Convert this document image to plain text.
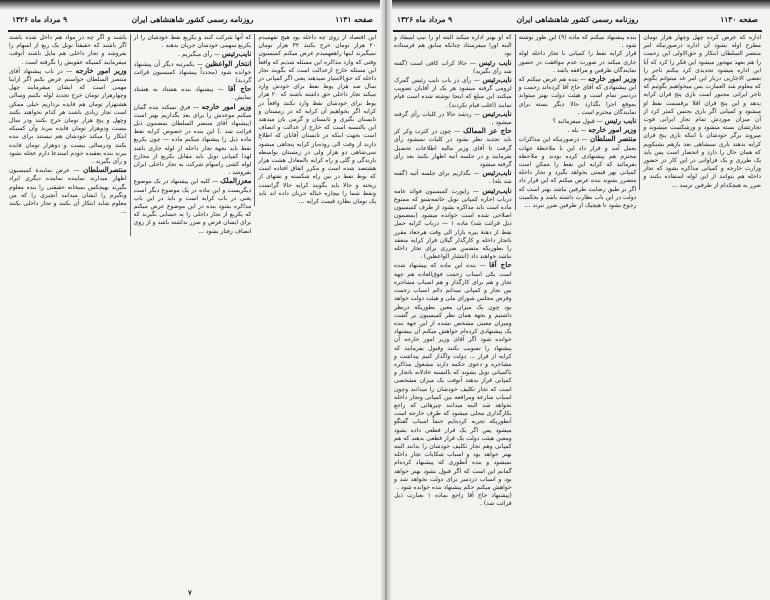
صفحه ۱۱۳۱
روزنامه رسمی کشور شاهنشاهی ایران
۹ مرداد ماه ۱۳۲۶

این اقتصاد از روی چه داخله بود هیچ نفهمیدم ۲۰ هزار تومان خرج بکنند ۳۲ هزار تومان نمیگیرند اینها راهفهمیدم عرض میکنم کمیسیون وقتی که وارد مذاکره این مسئله شدیم که واقعاً این مسئله خارج ازعدالت است که بگویند تجار داخله که حق‌الامتیاز نمیدهند یعنی اگر کمپانی در سال صد هزار پوط نفط برای خودش وارد میکند تجار داخلی حق داشته باشند که ۲۰ هزار پوط برای خودشان نفط وارد بکنند واقعاً در کرایه اگر بخواهیم آن کرایه که در زمستان و تابستان بگیری و تابستان و گرمی بان میدهند این بالنسبه است که خارج از عدالت و انصاف است بجهت اینکه در تابستان آقایان که اطلاع دارند از وقت الی روده‌بار کرایه پنجاهی میشود سی‌شاهی دو هزار ولی در زمستان بواسطه بارندگی و گلی و راه کرایه بالمعادل هشت هزار هشتصد شده است و مکرر اتفاق افتاده است که پوط نفط در بین راه شکسته و نفتهای از ریخته و حالا باید بگویند کرایه حالا گرانست ونفط شما را بیچاره خیاله جریان داده اند باید یک تومان بطارد قیمت کرایه ...

که آنها شرکت کنند و یکربع نفط خودشان را از یکربع سهمی خودشان جریان بدهند .

نایب‌رئیس — رأی میگیریم .

انتخار الواعظین — یکمرتبه دیگر آن پیشنهاد خوانده شود (مجدداً پیشنهاد کمیسیون قرائت گردید)

حاج آقا — پیشنهاد بنده هشتاد به هشتاد نمایش .

وزیر امور خارجه — فرق نمیکند بنده گمان میکنم موعدش را برای بعد بگذاریم بهتر است (پیشنهاد آقای منتصر السلطان بمضمون ذیل قرائت شد .) این بنده در خصوص کرایه نفط ماده ذیل را پیشنهاد میکنم ماده — چون یکربع نفط باید بجهة تجار داخله از لوله جاری باشد لهذا کمپانی نوبل باید مقابل یکربع از مخارج لوله کشی راسهام شرکت به تجار داخلی ایران بفروشد .

معززالملک — کلیه این پیشنهاد در یک موضوع دیگریست و این ماده در یک موضوع دیگر است یعنی در باب کرایه است و باید در این باب مذاکره بشود بنده در این موضوع عرض میکنم که یکربع از تجار داخلی را به حسابی بگیرند که برای ایشان فرض و ضرر نداشته باشد و از روی انصاف رفتار بشود ...

باشند و اگر چه در مواد هم داخل شده باشند اگر باشند که حقیقتاً نوبل یک ربع از اسهام را بفروشد و تجار داخلی هم مایل باشند آنوقت میفرمایند کسیکه عقوبش را نگرفته است .

وزیر امور خارجه — در باب پیشنهاد آقای منتصر السلطان خواستم عرض بکنم اگر ازاینا مهمی است که ایشان میفرمایند چهل وچهارهزار تومان خرج تجدید لوله بکنیم وسالی هشتهزار تومان هم فایده برداریم خیلی ممکن است تجار زیادی باشند هر کدام بخواهند بکنند وچهل و پنج هزار تومان خرج بکنند ودر سال بیست ودوهزار تومان فایده ببرند وآن کسیکه ابتکار را میکند خودشان هم نیستند برای بنده بکنند ودرسالی بیست و دوهزار تومان فایده ببرند بنده بعقیده خودم استدعا دارم عجله نشود و رأی بگیرند .

منتصرالسلطان — عرض نمایندهٔ کمیسیون اظهار میدارند نماینده نماینده دیگری ایراد بگیرند بهیچکس بمیخانه حقیقتی را بنده معلوم ونگیرم را ایشان میدانند آنچیزی را که من معلوم شاید ابتکار آن بکنند و تجار داخلی بکنند ...

۷
صفحه ۱۱۳۰
روزنامه رسمی کشور شاهنشاهی ایران
۹ مرداد ماه ۱۳۲۶

اداره که عرض کرده چهل وچهار هزار تومان مطرح اوله بشود آن اداره درصورتیکه امر منتصر السلطان ابتکار و حق‌الاولی این زحمت را هم بعهد مهجور میشود این فکر را کرد که آیا این اداره میشود تجدیدی کرد بیکنم تاجر را بعضی الاجاریی دربار این امر عد مبتوانم بگویم که معلوم شد العمارت بس میخواهیم بگوئیم که تاجر ایرانی مجبور است باری پنج قران کرایه بدهد و این پنج قران اقلا برقسمت نفط او میشود و کمپانی اگر باری بجنس کمتر کرد از آن میزان موردش تمام تجار ایرانی فوت تجارتشان بسته میشود و ورشکست میشوند و میروند برگر خودشان با اینکه باری پنج قران کرایه بدهند باری سیشاهی بعد بازهم بشیکوپم که همان حال را دارد و انحصار است پس باید یک طرزی و یک فراوانی در این کار در حضور وزارت خارجه و کمپانی مذاکره بشود که تجار داخله هم بتوانند از این لوله استفاده بکنند و ضرر به هیچکدام از طرفین نرسد ...

بنده پیشنهاد میکنم که ماده (۹) این طور نوشته شود .

قرار کرایه نفط را کمپانی با تجار داخله لوله جاری میکند در صورت عدم موافقت در حضور نمایندگان طرفین و مرافقه باشد .

وزیر امور خارجه — بنده هم عرض میکنم که این پیشنهادی که آقای حاج آقا کرده‌اند زحمت و دردسر تمام است و هیئت دولت بهتر میتواند بموقع اجرا بگذارد حالا دیگر بسته برای نمایندگان محترم است .

نایب رئیس — قبول میفرمائید ؟

وزیر امور خارجه — بله .

منتصر السلطان — درصورتیکه این مذاکرات بعمل آمد و قرار داد این با ملاحظهٔ جهات محترم هم پیشنهادی کرده بودند و ملاحظه بفرمائید که کرایه این نفط را ممکن است کمپانی بهر قیمتی بخواهد بگیرد و تجار داخله متضرر بشوند بنده عرض میکنم که این قرار داد اگر بر طبق رضایت طرفین نباشد بهتر است که دولت در این باب نظارت داشته باشد و بحکمیت رجوع بشود تا هیچیک از طرفین ضرر نبرند ...

که او بهتر اداره میکند البته او را تیپ لمیفاد و البته اورا میفرستاد چنانکه سابق هم فرستاده بود

نایب رئیس — حالا کرات کافی است (گفته شد رأی بگیرید)

نایب‌رئیس — رأی در باب نایب رئیس گمرک لزومی گرفته میشود هر یک از آقایان تصویب میکنند این مبلغ که اینجا نوشته شده است قیام نمایند (اغلب قیام نکردند) .

نایب‌رئیس — ردشد حالا در کلیات رأی گرفته میشود .

حاج عز الممالک — چون در کثرت وکر کر باید تجدید نظر بشود در کلیات نمیشود رأی گرفت تا آقای وزیر مالیه اطلاعات تحصیل بفرمایند و در جلسه آتیه اظهار بکنند بعد رأی گرفته میشود

نایب‌رئیس — بگذاریم برای جلسه آتیه (گفته شد بله) .

نایب‌رئیس — راپورت کمیسیون فوائد عامه درباب اجازه کمپانی نوبل خاتمه‌شنو که ممنوع ماده است باید مذاکره بشود از طرف کمیسیون اصلاحی شده است خوانده میشود (بمضمون ذیل قرائت شد) ماده ۱ — درباب کرایه حمل نفط از دهنهٔ بیره بازار الی وقت هرجعاد مقرر باتجار داخله و کارگذار گیلان قرار کرایه منعقد را بطوریکه متضمن ضرری برای تجار داخله نباشد خواهند داد (انتشار الواعظین) .

حاج آقا — بنده این ماده که پیشنهاد شده است یکی اسباب زحمت فوق‌العاده هم جهة تجار و هم برای کارگذار و هم اسباب مشاجره بین تجار و کمپانی میدانم دائم اسباب زحمت وفرض مجلس شورای ملی و هیئت دولت خواهد بود چون یک میزان معین بطوریکه درنظر داشتیم و بجهة همان نظر کمیسیون بر گشت ومیزان معینی مشخص نشده از این جهة بنده یک پیشنهادی کرده‌ام خواهش میکنم آن پیشنهاد خوانده شود اگر آقای وزیر امور خارجه آن پیشنهاد را تصویب بکنند وقبول بفرمایند که کرایه از قرار ... دولت واگذار کنیم پیداشت و مشاجره و دعوی حکمه دارند مشغول مذاکره باکمپانی نوبل بشوند که بالنسبه عادلانه باتجار و کمپانی قرار بدهند آنوقت یک میزان مشخصی است که تجار تکلیف خودشان را میدانند وچون اسباب منازعه ومرافعه بین کمپانی وتجار داخله نخواهد شد البته میدانند چیزهائی که راجع بکارگذاری محلی میشود که طرف خارجه است آنطوریکه تجربه کرده‌ایم حتماً اسباب گفتگو میشود پس اگر یک قرار قطعی داده بشود ومعین هیئت دولت یک قرار قطعی بدهند که هم کمپانی وهم تجار تکلیف خودشان را بدانند البته بهتر خواهد بود و اسباب شکایات تجار داخله نمیشود و بنده آنطوری که پیشنهاد کرده‌ام گمانم این است که اگر قبول بشود بهتر خواهد بود و اسباب دردسر برای دولت نخواهد شد و خواهش میکنم حکم پیشنهاد بنده خوانده شود .

(پیشنهاد حاج آقا راجع بماده ۱ بعبارت ذیل قرائت شد) .
